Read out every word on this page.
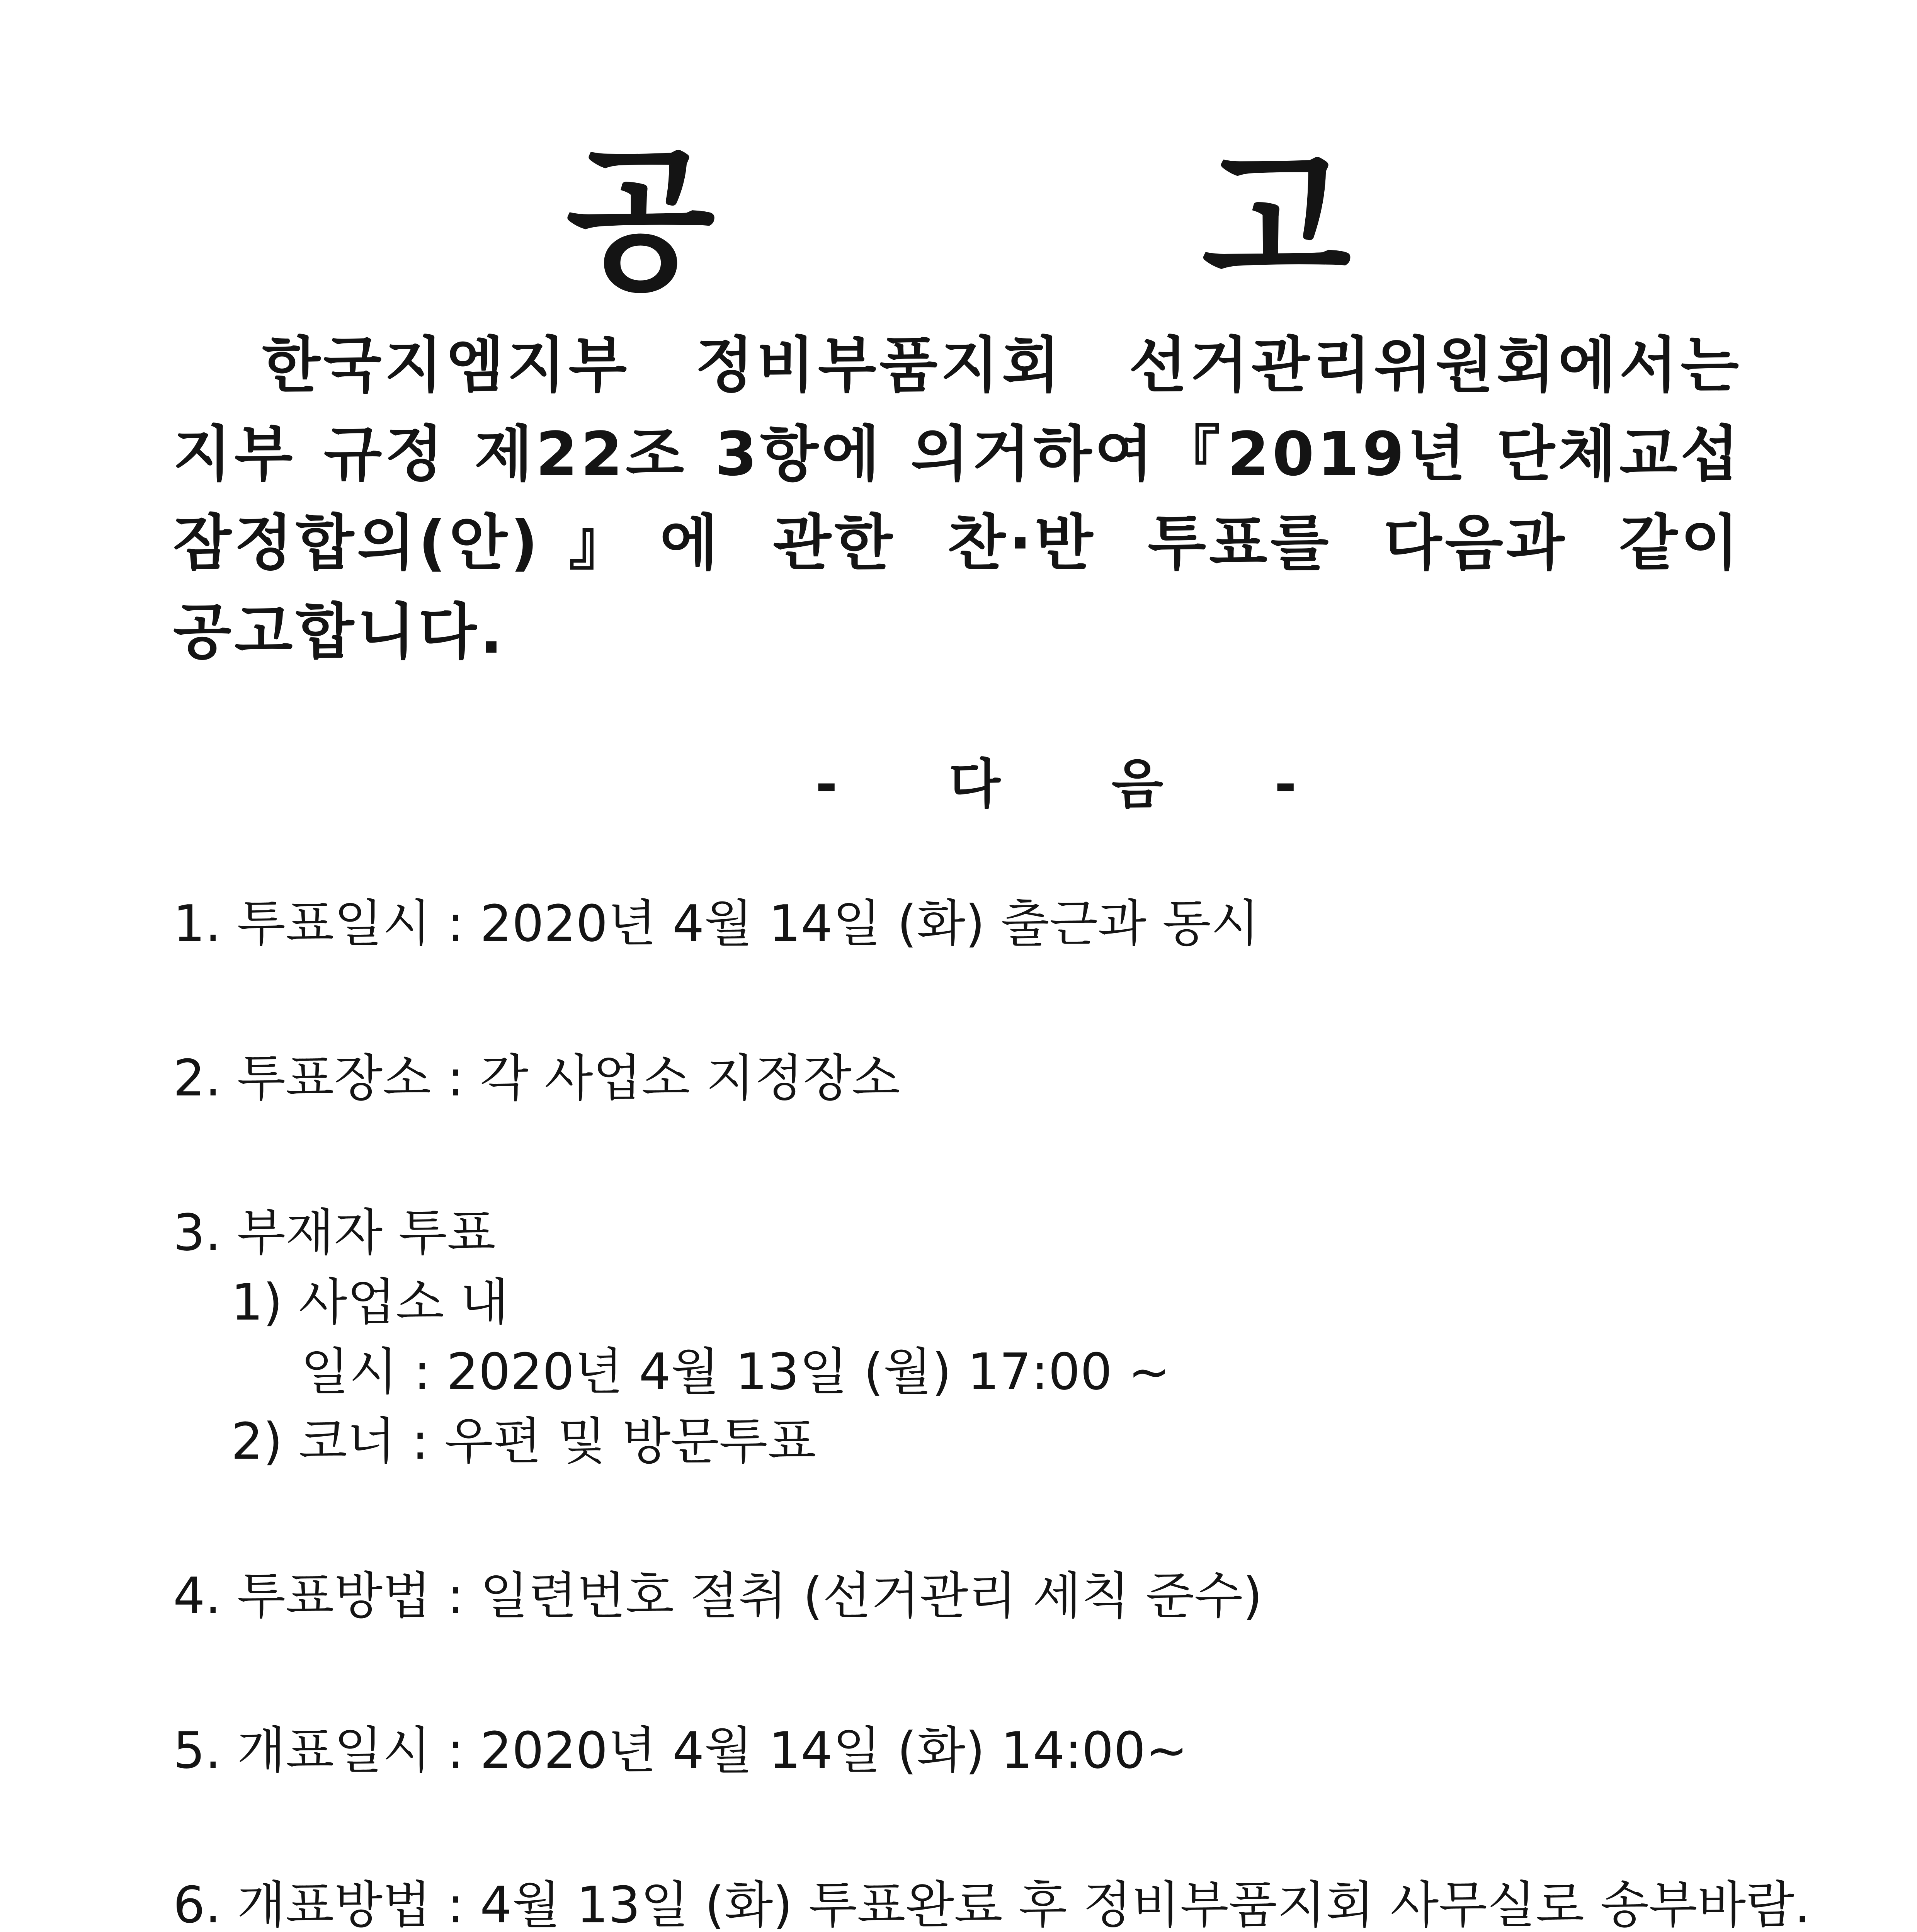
공 고
한국지엠지부 정비부품지회 선거관리위원회에서는
지부 규정 제22조 3항에 의거하여『2019년 단체교섭
잠정합의(안)』에 관한 찬·반 투표를 다음과 같이
공고합니다.
- 다 음 -
1. 투표일시 : 2020년 4월 14일 (화) 출근과 동시
2. 투표장소 : 각 사업소 지정장소
3. 부재자 투표
1) 사업소 내
일시 : 2020년 4월 13일 (월) 17:00 ~
2) 코너 : 우편 및 방문투표
4. 투표방법 : 일련번호 절취 (선거관리 세칙 준수)
5. 개표일시 : 2020년 4월 14일 (화) 14:00~
6. 개표방법 : 4월 13일 (화) 투표완료 후 정비부품지회 사무실로 송부바람.
